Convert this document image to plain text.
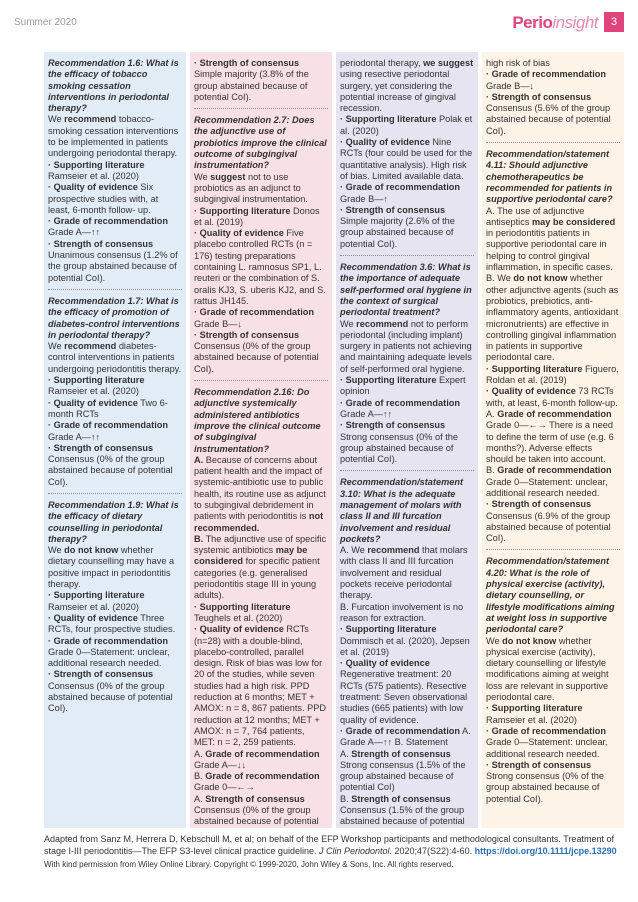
Summer 2020	Perioinsight	3

Recommendation 1.6: What is the efficacy of tobacco smoking cessation interventions in periodontal therapy?

We recommend tobacco-smoking cessation interventions to be implemented in patients undergoing periodontal therapy.

· Supporting literature Ramseier et al. (2020)

· Quality of evidence Six prospective studies with, at least, 6-month follow- up.

· Grade of recommendation Grade A—↑↑

· Strength of consensus Unanimous consensus (1.2% of the group abstained because of potential CoI).

Recommendation 1.7: What is the efficacy of promotion of diabetes-control interventions in periodontal therapy?

We recommend diabetes-control interventions in patients undergoing periodontitis therapy.

· Supporting literature Ramseier et al. (2020)

· Quality of evidence Two 6-month RCTs

· Grade of recommendation Grade A—↑↑

· Strength of consensus Consensus (0% of the group abstained because of potential CoI).

Recommendation 1.9: What is the efficacy of dietary counselling in periodontal therapy?

We do not know whether dietary counselling may have a positive impact in periodontitis therapy.

· Supporting literature Ramseier et al. (2020)

· Quality of evidence Three RCTs, four prospective studies.

· Grade of recommendation Grade 0—Statement: unclear, additional research needed.

· Strength of consensus Consensus (0% of the group abstained because of potential CoI).

· Strength of consensus Simple majority (3.8% of the group abstained because of potential CoI).

Recommendation 2.7: Does the adjunctive use of probiotics improve the clinical outcome of subgingival instrumentation?

We suggest not to use probiotics as an adjunct to subgingival instrumentation.

· Supporting literature Donos et al. (2019)

· Quality of evidence Five placebo controlled RCTs (n = 176) testing preparations containing L. ramnosus SP1, L. reuteri or the combination of S. oralis KJ3, S. uberis KJ2, and S. rattus JH145.

· Grade of recommendation Grade B—↓

· Strength of consensus Consensus (0% of the group abstained because of potential CoI).

Recommendation 2.16: Do adjunctive systemically administered antibiotics improve the clinical outcome of subgingival instrumentation?

A. Because of concerns about patient health and the impact of systemic-antibiotic use to public health, its routine use as adjunct to subgingival debridement in patients with periodontitis is not recommended.

B. The adjunctive use of specific systemic antibiotics may be considered for specific patient categories (e.g. generalised periodontitis stage III in young adults).

· Supporting literature Teughels et al. (2020)

· Quality of evidence RCTs (n=28) with a double-blind, placebo-controlled, parallel design. Risk of bias was low for 20 of the studies, while seven studies had a high risk. PPD reduction at 6 months; MET + AMOX: n = 8, 867 patients. PPD reduction at 12 months; MET + AMOX: n = 7, 764 patients, MET: n = 2, 259 patients.

A. Grade of recommendation Grade A—↓↓

B. Grade of recommendation Grade 0—←→

A. Strength of consensus Consensus (0% of the group abstained because of potential

periodontal therapy, we suggest using resective periodontal surgery, yet considering the potential increase of gingival recession.

· Supporting literature Polak et al. (2020)

· Quality of evidence Nine RCTs (four could be used for the quantitative analysis). High risk of bias. Limited available data.

· Grade of recommendation Grade B—↑

· Strength of consensus Simple majority (2.6% of the group abstained because of potential CoI).

Recommendation 3.6: What is the importance of adequate self-performed oral hygiene in the context of surgical periodontal treatment?

We recommend not to perform periodontal (including implant) surgery in patients not achieving and maintaining adequate levels of self-performed oral hygiene.

· Supporting literature Expert opinion

· Grade of recommendation Grade A—↑↑

· Strength of consensus Strong consensus (0% of the group abstained because of potential CoI).

Recommendation/statement 3.10: What is the adequate management of molars with class II and III furcation involvement and residual pockets?

A. We recommend that molars with class II and III furcation involvement and residual pockets receive periodontal therapy.

B. Furcation involvement is no reason for extraction.

· Supporting literature Dommisch et al. (2020), Jepsen et al. (2019)

· Quality of evidence Regenerative treatment: 20 RCTs (575 patients). Resective treatment: Seven observational studies (665 patients) with low quality of evidence.

· Grade of recommendation A. Grade A—↑↑ B. Statement

A. Strength of consensus Strong consensus (1.5% of the group abstained because of potential CoI)

B. Strength of consensus Consensus (1.5% of the group abstained because of potential

high risk of bias

· Grade of recommendation Grade B—↓

· Strength of consensus Consensus (5.6% of the group abstained because of potential CoI).

Recommendation/statement 4.11: Should adjunctive chemotherapeutics be recommended for patients in supportive periodontal care?

A. The use of adjunctive antiseptics may be considered in periodontitis patients in supportive periodontal care in helping to control gingival inflammation, in specific cases.

B. We do not know whether other adjunctive agents (such as probiotics, prebiotics, anti-inflammatory agents, antioxidant micronutrients) are effective in controlling gingival inflammation in patients in supportive periodontal care.

· Supporting literature Figuero, Roldan et al. (2019)

· Quality of evidence 73 RCTs with, at least, 6-month follow-up.

A. Grade of recommendation Grade 0—←→ There is a need to define the term of use (e.g. 6 months?). Adverse effects should be taken into account.

B. Grade of recommendation Grade 0—Statement: unclear, additional research needed.

· Strength of consensus Consensus (6.9% of the group abstained because of potential CoI).

Recommendation/statement 4.20: What is the role of physical exercise (activity), dietary counselling, or lifestyle modifications aiming at weight loss in supportive periodontal care?

We do not know whether physical exercise (activity), dietary counselling or lifestyle modifications aiming at weight loss are relevant in supportive periodontal care.

· Supporting literature Ramseier et al. (2020)

· Grade of recommendation Grade 0—Statement: unclear, additional research needed.

· Strength of consensus Strong consensus (0% of the group abstained because of potential CoI).

Adapted from Sanz M, Herrera D, Kebschull M, et al; on behalf of the EFP Workshop participants and methodological consultants. Treatment of stage I-III periodontitis—The EFP S3-level clinical practice guideline. J Clin Periodontol. 2020;47(S22):4-60. https://doi.org/10.1111/jcpe.13290

With kind permission from Wiley Online Library. Copyright © 1999-2020, John Wiley & Sons, Inc. All rights reserved.
